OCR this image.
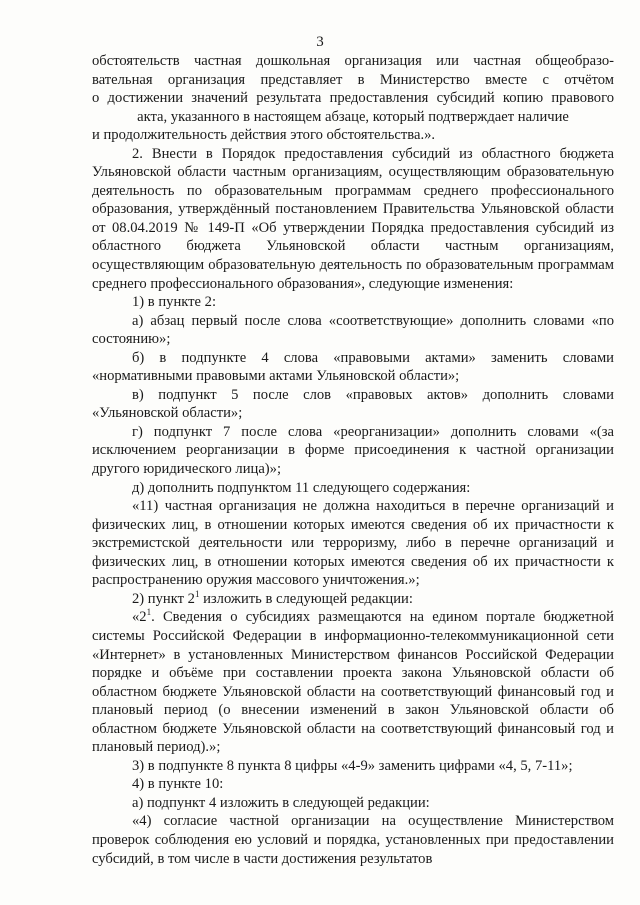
3

обстоятельств частная дошкольная организация или частная общеобразо-

вательная организация представляет в Министерство вместе с отчётом

о достижении значений результата предоставления субсидий копию правового

акта, указанного в настоящем абзаце, который подтверждает наличие

и продолжительность действия этого обстоятельства.».

2. Внести в Порядок предоставления субсидий из областного бюджета Ульяновской области частным организациям, осуществляющим образовательную деятельность по образовательным программам среднего профессионального образования, утверждённый постановлением Правительства Ульяновской области от 08.04.2019 № 149-П «Об утверждении Порядка предоставления субсидий из областного бюджета Ульяновской области частным организациям, осуществляющим образовательную деятельность по образовательным программам среднего профессионального образования», следующие изменения:

1) в пункте 2:

а) абзац первый после слова «соответствующие» дополнить словами «по состоянию»;

б) в подпункте 4 слова «правовыми актами» заменить словами «нормативными правовыми актами Ульяновской области»;

в) подпункт 5 после слов «правовых актов» дополнить словами «Ульяновской области»;

г) подпункт 7 после слова «реорганизации» дополнить словами «(за исключением реорганизации в форме присоединения к частной организации другого юридического лица)»;

д) дополнить подпунктом 11 следующего содержания:

«11) частная организация не должна находиться в перечне организаций и физических лиц, в отношении которых имеются сведения об их причастности к экстремистской деятельности или терроризму, либо в перечне организаций и физических лиц, в отношении которых имеются сведения об их причастности к распространению оружия массового уничтожения.»;

2) пункт $2^1$ изложить в следующей редакции:

«$2^1$. Сведения о субсидиях размещаются на едином портале бюджетной системы Российской Федерации в информационно-телекоммуникационной сети «Интернет» в установленных Министерством финансов Российской Федерации порядке и объёме при составлении проекта закона Ульяновской области об областном бюджете Ульяновской области на соответствующий финансовый год и плановый период (о внесении изменений в закон Ульяновской области об областном бюджете Ульяновской области на соответствующий финансовый год и плановый период).»;

3) в подпункте 8 пункта 8 цифры «4-9» заменить цифрами «4, 5, 7-11»;

4) в пункте 10:

а) подпункт 4 изложить в следующей редакции:

«4) согласие частной организации на осуществление Министерством проверок соблюдения ею условий и порядка, установленных при предоставлении субсидий, в том числе в части достижения результатов
